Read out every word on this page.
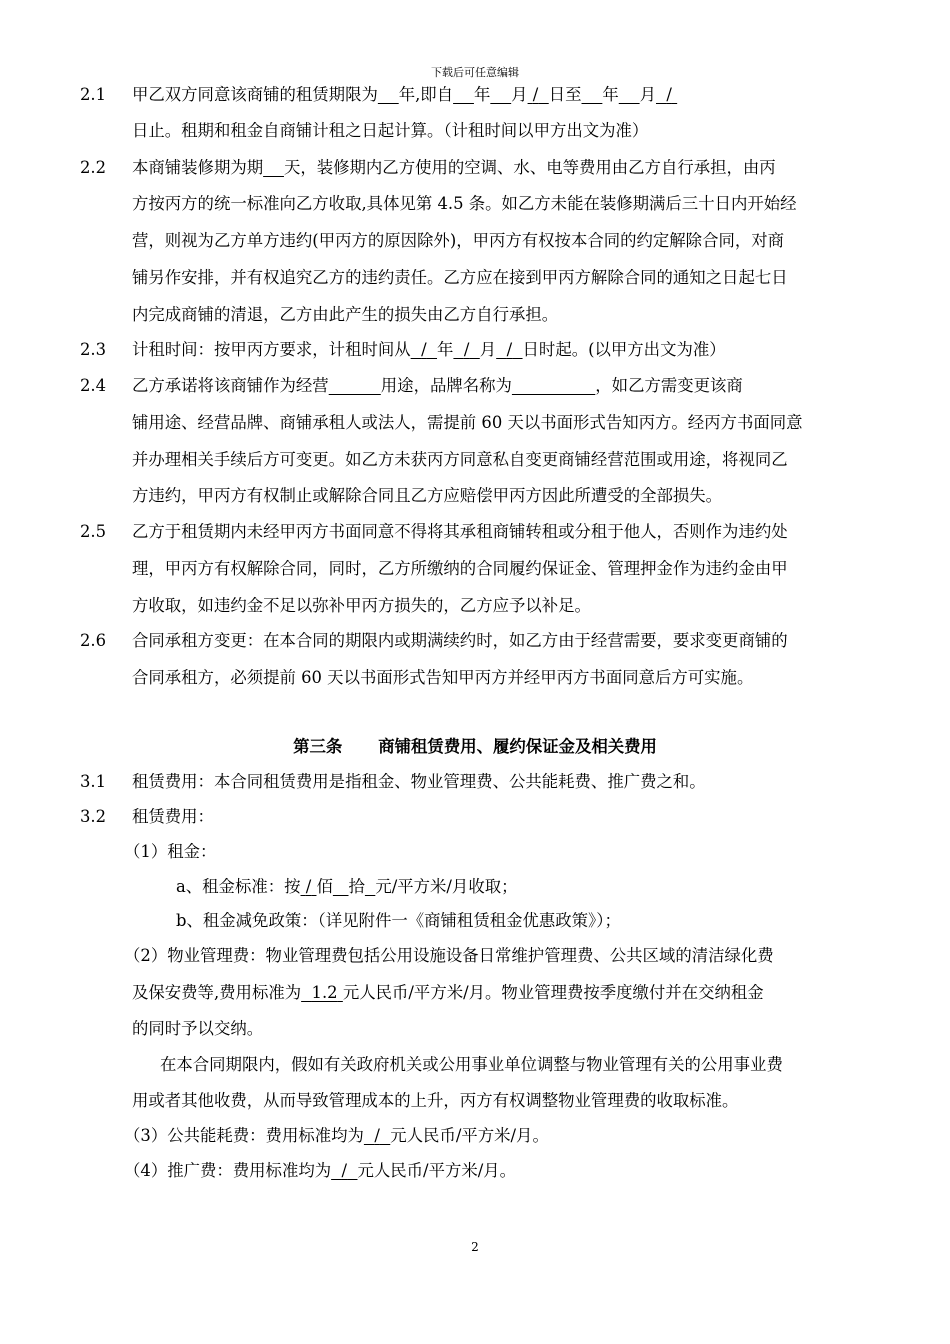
下载后可任意编辑
2.1 甲乙双方同意该商铺的租赁期限为 年,即自 年 月 / 日至 年 月 /
日止。租期和租金自商铺计租之日起计算。（计租时间以甲方出文为准）
2.2 本商铺装修期为期 天，装修期内乙方使用的空调、水、电等费用由乙方自行承担，由丙
方按丙方的统一标准向乙方收取,具体见第 4.5 条。如乙方未能在装修期满后三十日内开始经
营，则视为乙方单方违约(甲丙方的原因除外)，甲丙方有权按本合同的约定解除合同，对商
铺另作安排，并有权追究乙方的违约责任。乙方应在接到甲丙方解除合同的通知之日起七日
内完成商铺的清退，乙方由此产生的损失由乙方自行承担。
2.3 计租时间：按甲丙方要求，计租时间从 / 年 / 月 / 日时起。(以甲方出文为准）
2.4 乙方承诺将该商铺作为经营	用途，品牌名称为	，如乙方需变更该商
铺用途、经营品牌、商铺承租人或法人，需提前 60 天以书面形式告知丙方。经丙方书面同意
并办理相关手续后方可变更。如乙方未获丙方同意私自变更商铺经营范围或用途，将视同乙
方违约，甲丙方有权制止或解除合同且乙方应赔偿甲丙方因此所遭受的全部损失。
2.5 乙方于租赁期内未经甲丙方书面同意不得将其承租商铺转租或分租于他人，否则作为违约处
理，甲丙方有权解除合同，同时，乙方所缴纳的合同履约保证金、管理押金作为违约金由甲
方收取，如违约金不足以弥补甲丙方损失的，乙方应予以补足。
2.6 合同承租方变更：在本合同的期限内或期满续约时，如乙方由于经营需要，要求变更商铺的
合同承租方，必须提前 60 天以书面形式告知甲丙方并经甲丙方书面同意后方可实施。
第三条 商铺租赁费用、履约保证金及相关费用
3.1 租赁费用：本合同租赁费用是指租金、物业管理费、公共能耗费、推广费之和。
3.2 租赁费用：
（1）租金：
a、租金标准：按 / 佰 拾 元/平方米/月收取；
b、租金减免政策：（详见附件一《商铺租赁租金优惠政策》）；
（2）物业管理费：物业管理费包括公用设施设备日常维护管理费、公共区域的清洁绿化费
及保安费等,费用标准为 1.2 元人民币/平方米/月。物业管理费按季度缴付并在交纳租金
的同时予以交纳。
在本合同期限内，假如有关政府机关或公用事业单位调整与物业管理有关的公用事业费
用或者其他收费，从而导致管理成本的上升，丙方有权调整物业管理费的收取标准。
（3）公共能耗费：费用标准均为 / 元人民币/平方米/月。
（4）推广费：费用标准均为 / 元人民币/平方米/月。
2
